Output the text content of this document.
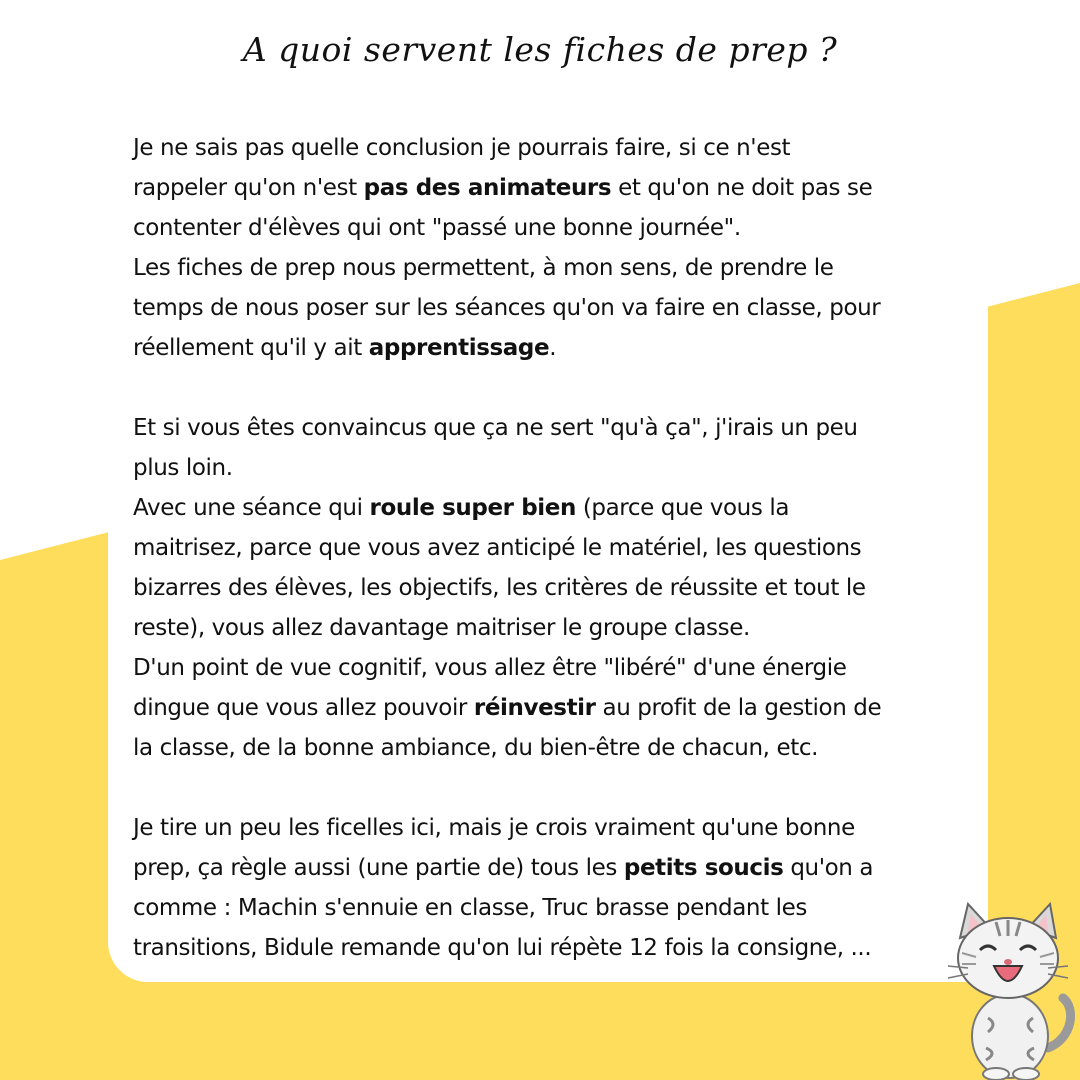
A quoi servent les fiches de prep ?

Je ne sais pas quelle conclusion je pourrais faire, si ce n'est

rappeler qu'on n'est pas des animateurs et qu'on ne doit pas se

contenter d'élèves qui ont "passé une bonne journée".

Les fiches de prep nous permettent, à mon sens, de prendre le

temps de nous poser sur les séances qu'on va faire en classe, pour

réellement qu'il y ait apprentissage.

Et si vous êtes convaincus que ça ne sert "qu'à ça", j'irais un peu

plus loin.

Avec une séance qui roule super bien (parce que vous la

maitrisez, parce que vous avez anticipé le matériel, les questions

bizarres des élèves, les objectifs, les critères de réussite et tout le

reste), vous allez davantage maitriser le groupe classe.

D'un point de vue cognitif, vous allez être "libéré" d'une énergie

dingue que vous allez pouvoir réinvestir au profit de la gestion de

la classe, de la bonne ambiance, du bien-être de chacun, etc.

Je tire un peu les ficelles ici, mais je crois vraiment qu'une bonne

prep, ça règle aussi (une partie de) tous les petits soucis qu'on a

comme : Machin s'ennuie en classe, Truc brasse pendant les

transitions, Bidule remande qu'on lui répète 12 fois la consigne, ...
